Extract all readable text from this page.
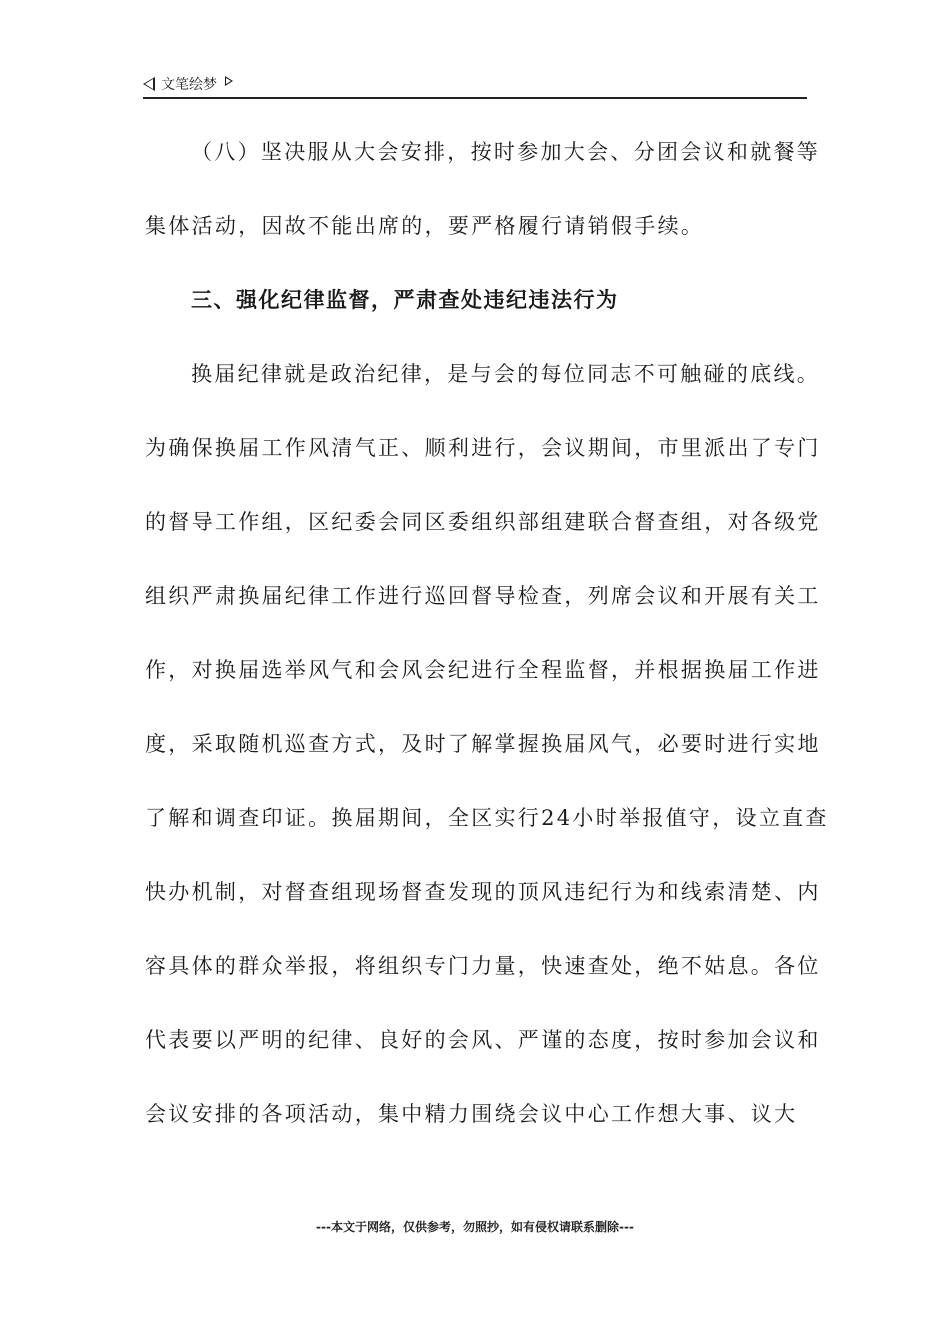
文笔绘梦
（八）坚决服从大会安排，按时参加大会、分团会议和就餐等
集体活动，因故不能出席的，要严格履行请销假手续。
三、强化纪律监督，严肃查处违纪违法行为
换届纪律就是政治纪律，是与会的每位同志不可触碰的底线。
为确保换届工作风清气正、顺利进行，会议期间，市里派出了专门
的督导工作组，区纪委会同区委组织部组建联合督查组，对各级党
组织严肃换届纪律工作进行巡回督导检查，列席会议和开展有关工
作，对换届选举风气和会风会纪进行全程监督，并根据换届工作进
度，采取随机巡查方式，及时了解掌握换届风气，必要时进行实地
了解和调查印证。换届期间，全区实行24小时举报值守，设立直查
快办机制，对督查组现场督查发现的顶风违纪行为和线索清楚、内
容具体的群众举报，将组织专门力量，快速查处，绝不姑息。各位
代表要以严明的纪律、良好的会风、严谨的态度，按时参加会议和
会议安排的各项活动，集中精力围绕会议中心工作想大事、议大
---本文于网络，仅供参考，勿照抄，如有侵权请联系删除---
